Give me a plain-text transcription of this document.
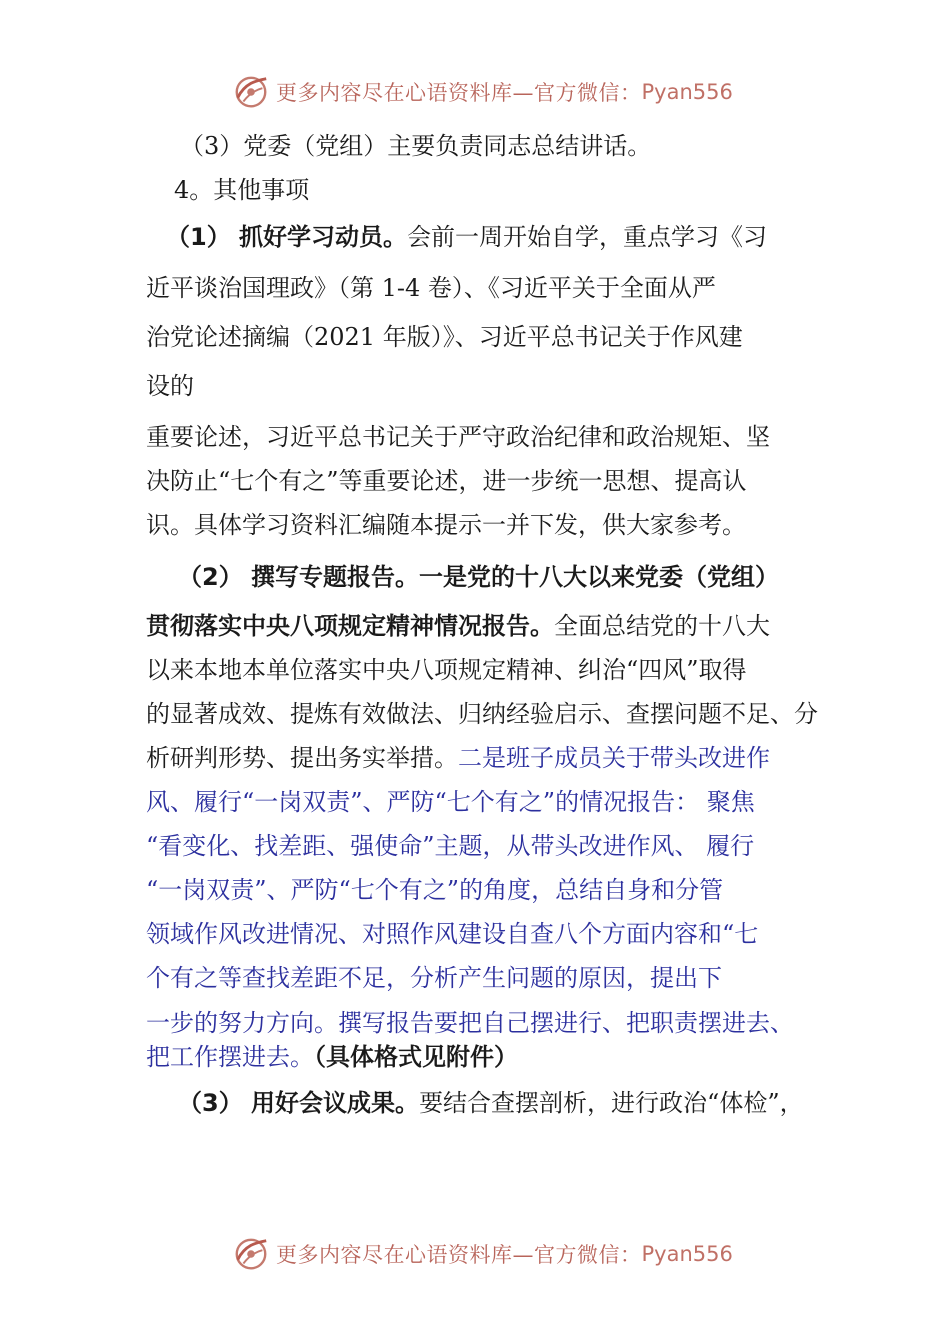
更多内容尽在心语资料库—官方微信： Pyan556
（3）党委（党组）主要负责同志总结讲话。
4。其他事项
（1） 抓好学习动员。会前一周开始自学，重点学习《习
近平谈治国理政》（第 1-4 卷）、《习近平关于全面从严
治党论述摘编（2021 年版）》、习近平总书记关于作风建
设的
重要论述，习近平总书记关于严守政治纪律和政治规矩、坚
决防止“七个有之”等重要论述，进一步统一思想、提高认
识。具体学习资料汇编随本提示一并下发，供大家参考。
（2） 撰写专题报告。一是党的十八大以来党委（党组）
贯彻落实中央八项规定精神情况报告。全面总结党的十八大
以来本地本单位落实中央八项规定精神、纠治“四风”取得
的显著成效、提炼有效做法、归纳经验启示、查摆问题不足、分
析研判形势、提出务实举措。二是班子成员关于带头改进作
风、履行“一岗双责”、严防“七个有之”的情况报告： 聚焦
“看变化、找差距、强使命”主题，从带头改进作风、 履行
“一岗双责”、严防“七个有之”的角度，总结自身和分管
领域作风改进情况、对照作风建设自查八个方面内容和“七
个有之等查找差距不足，分析产生问题的原因，提出下
一步的努力方向。撰写报告要把自己摆进行、把职责摆进去、
把工作摆进去。（具体格式见附件）
（3） 用好会议成果。要结合查摆剖析，进行政治“体检”，
更多内容尽在心语资料库—官方微信： Pyan556
